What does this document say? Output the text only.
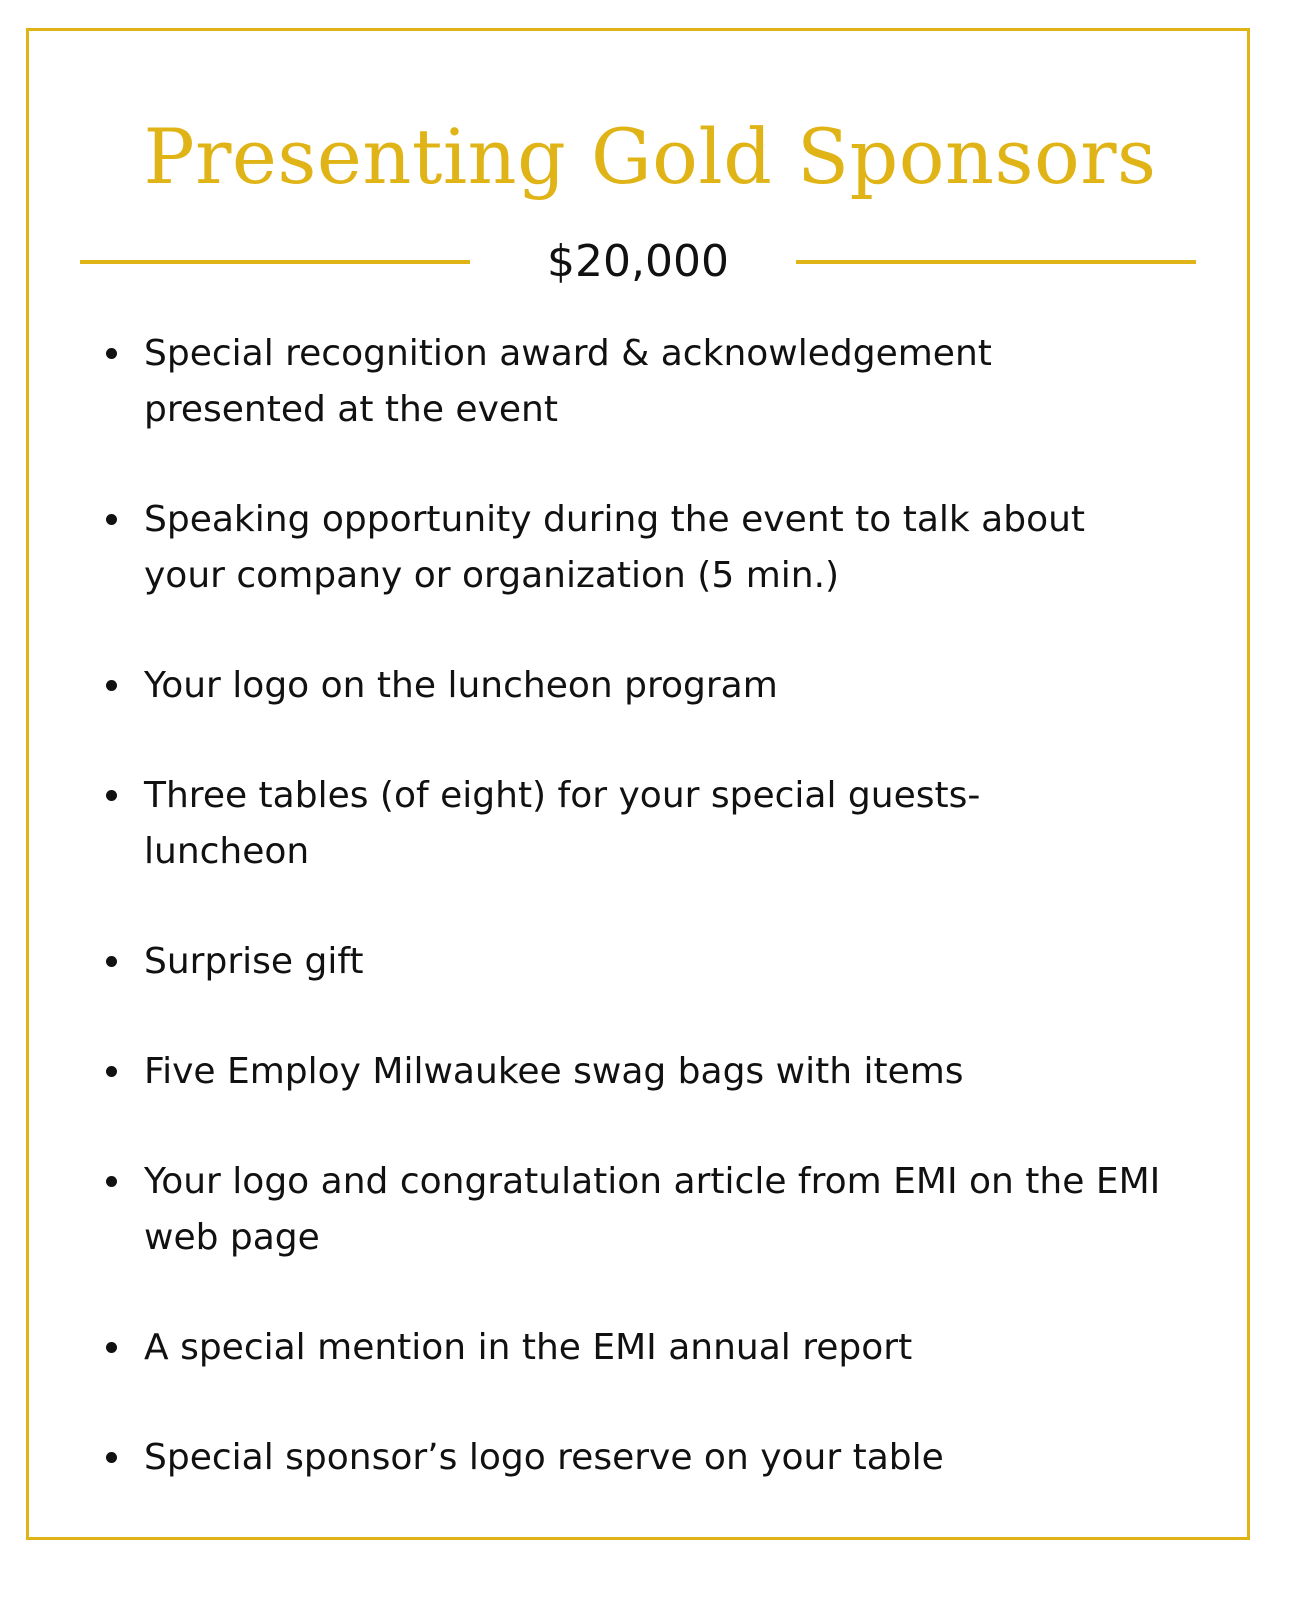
Presenting Gold Sponsors
$20,000
Special recognition award & acknowledgement presented at the event
Speaking opportunity during the event to talk about your company or organization (5 min.)
Your logo on the luncheon program
Three tables (of eight) for your special guests- luncheon
Surprise gift
Five Employ Milwaukee swag bags with items
Your logo and congratulation article from EMI on the EMI web page
A special mention in the EMI annual report
Special sponsor’s logo reserve on your table
